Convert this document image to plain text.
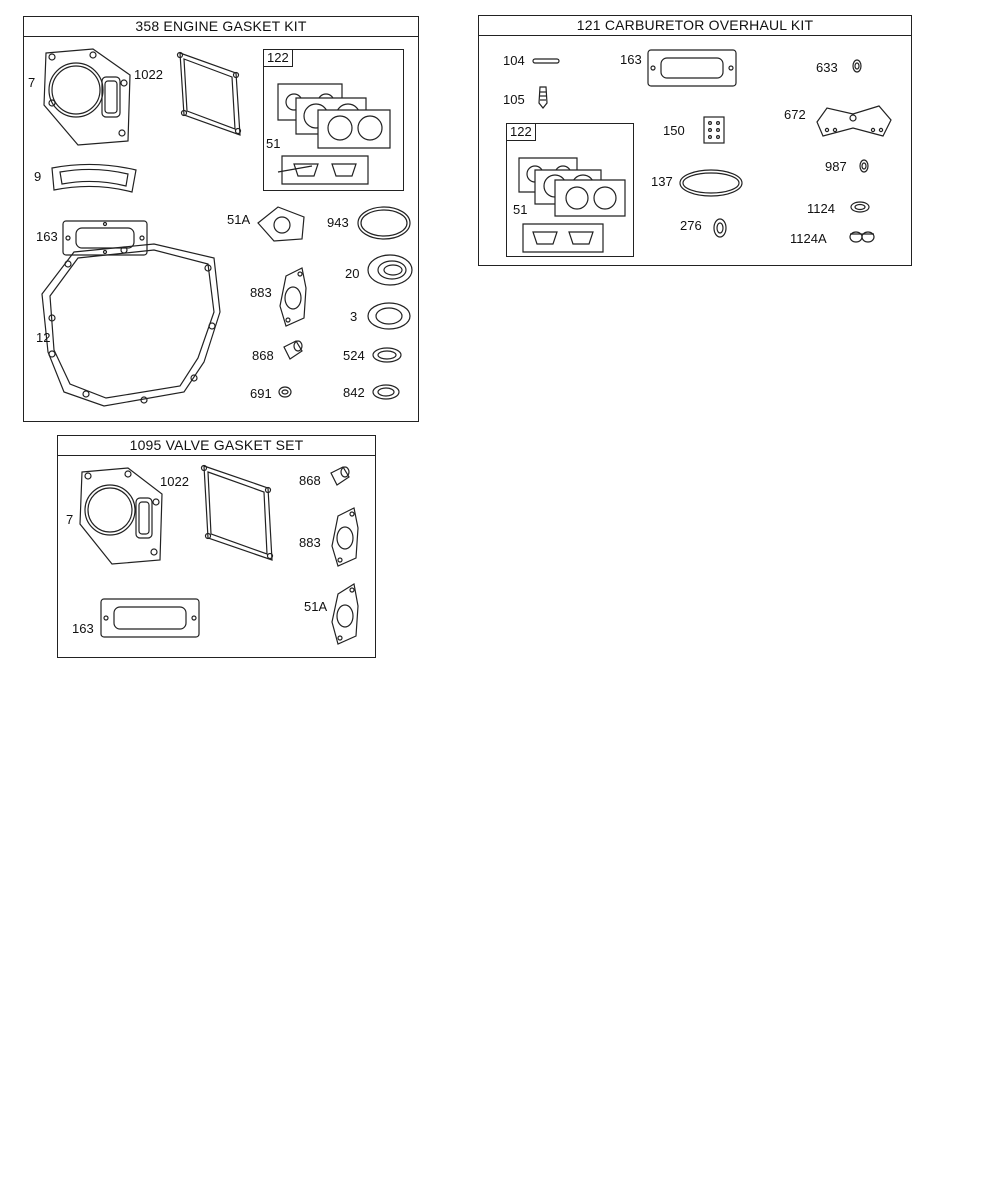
358 ENGINE GASKET KIT
7
1022
122
51
9
163
51A	943
20
12
883
3
868	524
691	842
121 CARBURETOR OVERHAUL KIT
104	163
633
105
672
122
51
150
987
137
1124
276
1124A
1095 VALVE GASKET SET
7
1022	868
883
163
51A
